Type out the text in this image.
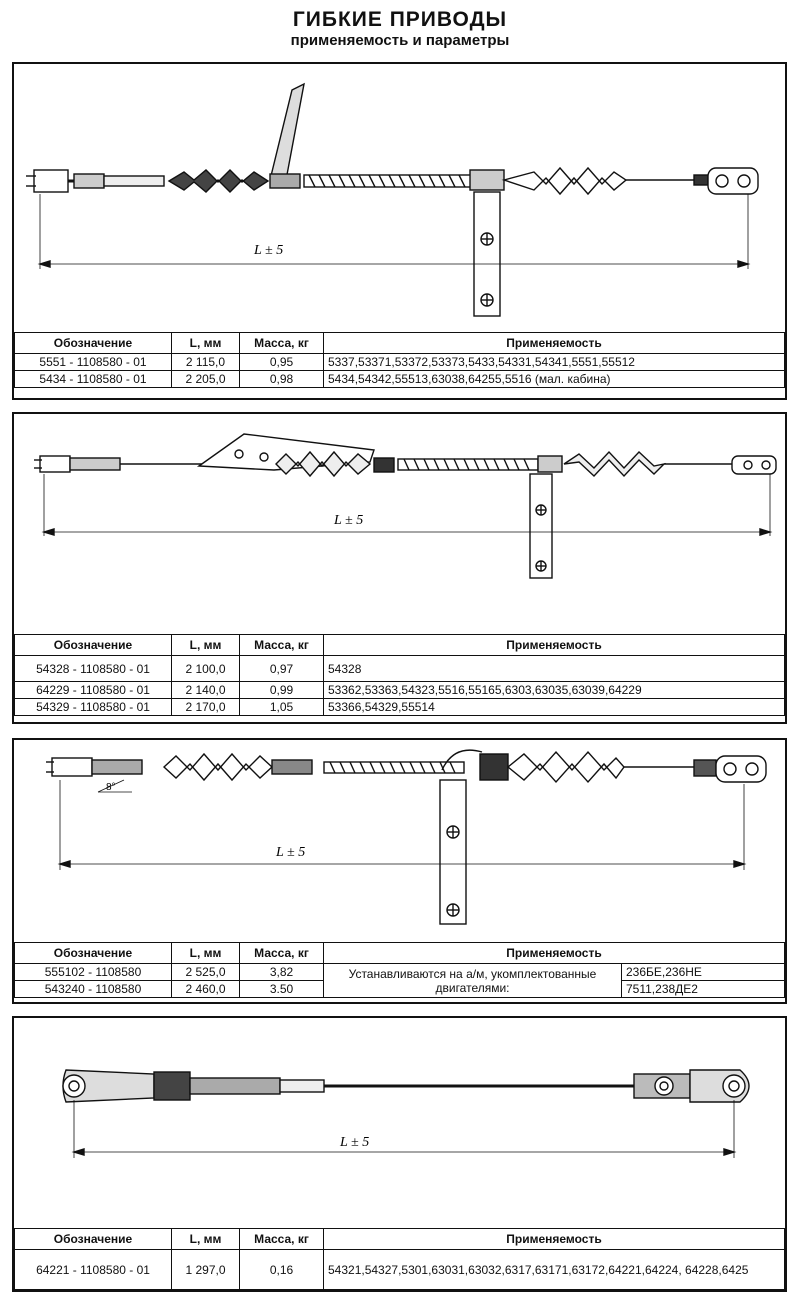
ГИБКИЕ ПРИВОДЫ
применяемость и параметры
L ± 5
Обозначение	L, мм	Масса, кг	Применяемость
5551 - 1108580 - 01	2 115,0	0,95	5337,53371,53372,53373,5433,54331,54341,5551,55512
5434 - 1108580 - 01	2 205,0	0,98	5434,54342,55513,63038,64255,5516 (мал. кабина)
L ± 5
Обозначение	L, мм	Масса, кг	Применяемость
54328 - 1108580 - 01	2 100,0	0,97	54328
64229 - 1108580 - 01	2 140,0	0,99	53362,53363,54323,5516,55165,6303,63035,63039,64229
54329 - 1108580 - 01	2 170,0	1,05	53366,54329,55514
8°
L ± 5
Обозначение	L, мм	Масса, кг	Применяемость	
555102 - 1108580	2 525,0	3,82	Устанавливаются на а/м, укомплектованные двигателями:	236БЕ,236НЕ
543240 - 1108580	2 460,0	3.50		7511,238ДЕ2
L ± 5
Обозначение	L, мм	Масса, кг	Применяемость
64221 - 1108580 - 01	1 297,0	0,16	54321,54327,5301,63031,63032,6317,63171,63172,64221,64224, 64228,6425
